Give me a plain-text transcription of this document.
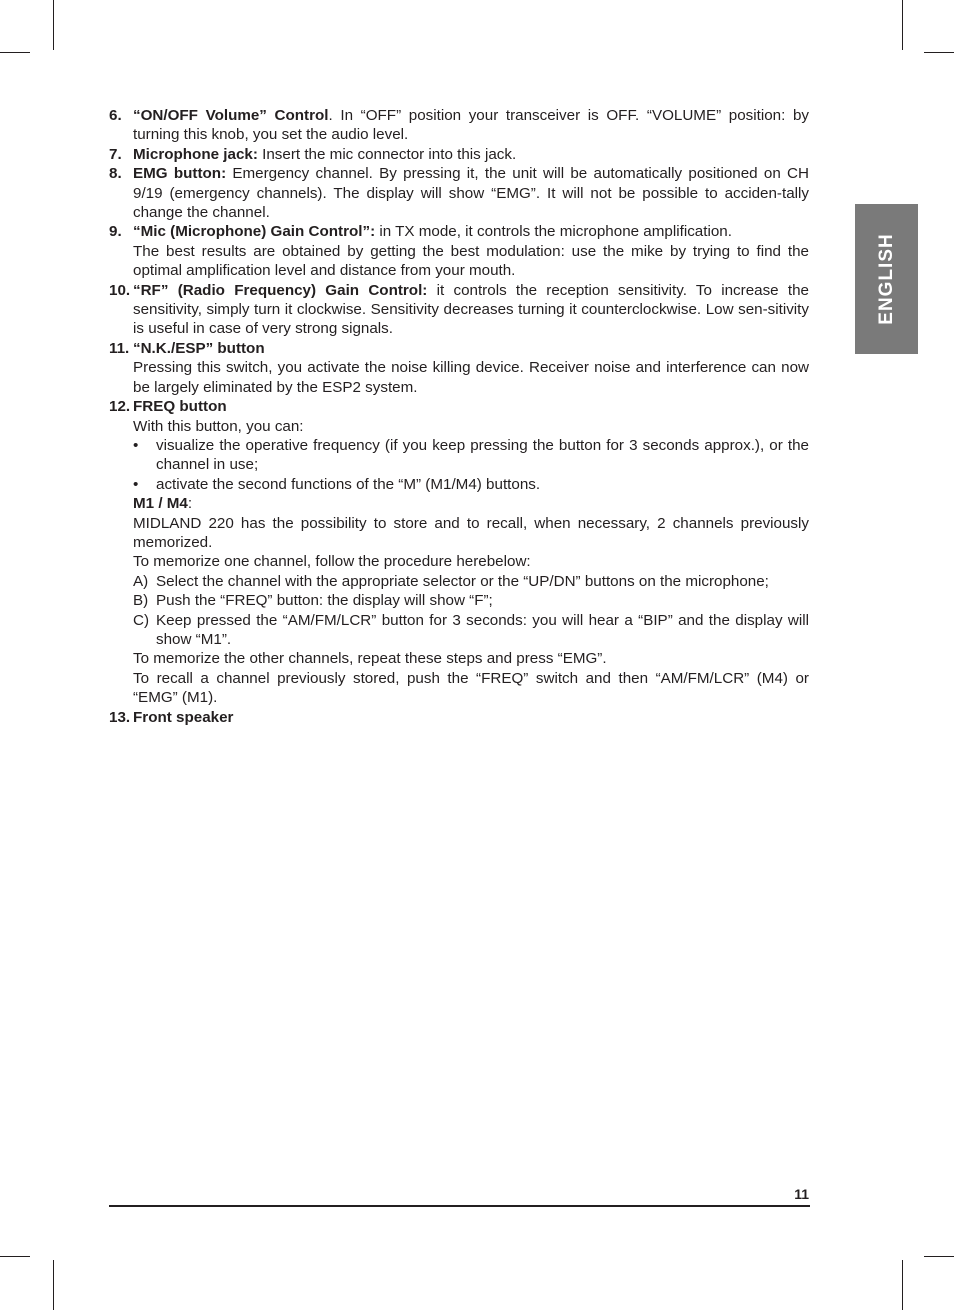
ENGLISH
6. “ON/OFF Volume” Control. In “OFF” position your transceiver is OFF. “VOLUME” position: by turning this knob, you set the audio level.
7. Microphone jack: Insert the mic connector into this jack.
8. EMG button: Emergency channel. By pressing it, the unit will be automatically positioned on CH 9/19 (emergency channels). The display will show “EMG”. It will not be possible to acciden-tally change the channel.
9. “Mic (Microphone) Gain Control”: in TX mode, it controls the microphone amplification.
The best results are obtained by getting the best modulation: use the mike by trying to find the optimal amplification level and distance from your mouth.
10. “RF” (Radio Frequency) Gain Control: it controls the reception sensitivity. To increase the sensitivity, simply turn it clockwise. Sensitivity decreases turning it counterclockwise. Low sen-sitivity is useful in case of very strong signals.
11. “N.K./ESP” button
Pressing this switch, you activate the noise killing device. Receiver noise and interference can now be largely eliminated by the ESP2 system.
12. FREQ button
With this button, you can:
• visualize the operative frequency (if you keep pressing the button for 3 seconds approx.), or the channel in use;
• activate the second functions of the “M” (M1/M4) buttons.
M1 / M4:
MIDLAND 220 has the possibility to store and to recall, when necessary, 2 channels previously memorized.
To memorize one channel, follow the procedure herebelow:
A) Select the channel with the appropriate selector or the “UP/DN” buttons on the microphone;
B) Push the “FREQ” button: the display will show “F”;
C) Keep pressed the “AM/FM/LCR” button for 3 seconds: you will hear a “BIP” and the display will show “M1”.
To memorize the other channels, repeat these steps and press “EMG”.
To recall a channel previously stored, push the “FREQ” switch and then “AM/FM/LCR” (M4) or “EMG” (M1).
13. Front speaker
11
